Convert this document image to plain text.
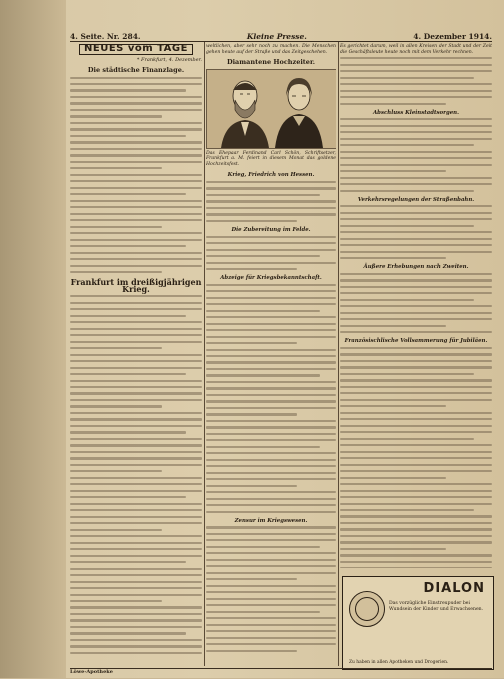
4. Seite. Nr. 284.	Kleine Presse.	4. Dezember 1914.
NEUES vom TAGE
* Frankfurt, 4. Dezember.
Die städtische Finanzlage.
Frankfurt im dreißigjährigen Krieg.
weltlichen, aber sehr noch zu machen. Die Menschen gehen heute auf der Straße und das Zeitgeschehen.
Diamantene Hochzeiter.
Das Ehepaar Ferdinand Carl Schön, Schriftsetzer, Frankfurt a. M. feiert in diesem Monat das goldene Hochzeitsfest.
Krieg, Friedrich von Hessen.
Die Zubereitung im Felde.
Abzeige für Kriegsbekanntschaft.
Zensur im Kriegswesen.
Es gerichtet darum, weil in allen Kreisen der Stadt und der Zeit die Geschäftsleute heute noch mit dem Verkehr rechnen.
Abschluss Kleinstadtsorgen.
Verkehrsregelungen der Straßenbahn.
Äußere Erhebungen nach Zweiten.
Französischlische Vollsammerung für Jubiläen.
DIALON
Das vorzügliche Einstreupuder bei Wundsein der Kinder und Erwachsenen.
Zu haben in allen Apotheken und Drogerien.
Löwe-Apotheke
